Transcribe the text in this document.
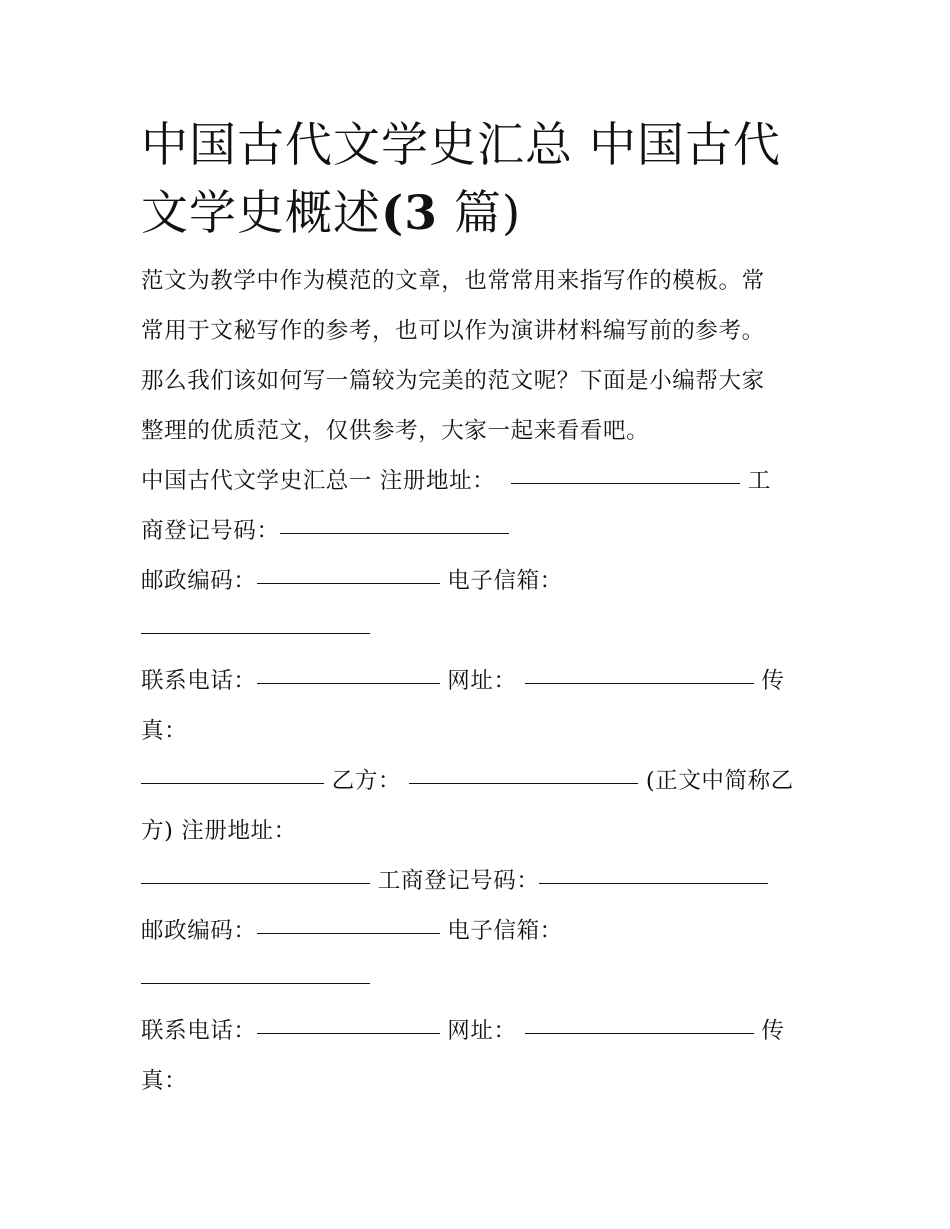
中国古代文学史汇总 中国古代
文学史概述(3 篇)
范文为教学中作为模范的文章，也常常用来指写作的模板。常
常用于文秘写作的参考，也可以作为演讲材料编写前的参考。
那么我们该如何写一篇较为完美的范文呢？下面是小编帮大家
整理的优质范文，仅供参考，大家一起来看看吧。
中国古代文学史汇总一 注册地址：	工
商登记号码：
邮政编码：	电子信箱：
联系电话：	网址：	传
真：
乙方：	(正文中简称乙
方) 注册地址：
工商登记号码：
邮政编码：	电子信箱：
联系电话：	网址：	传
真：
